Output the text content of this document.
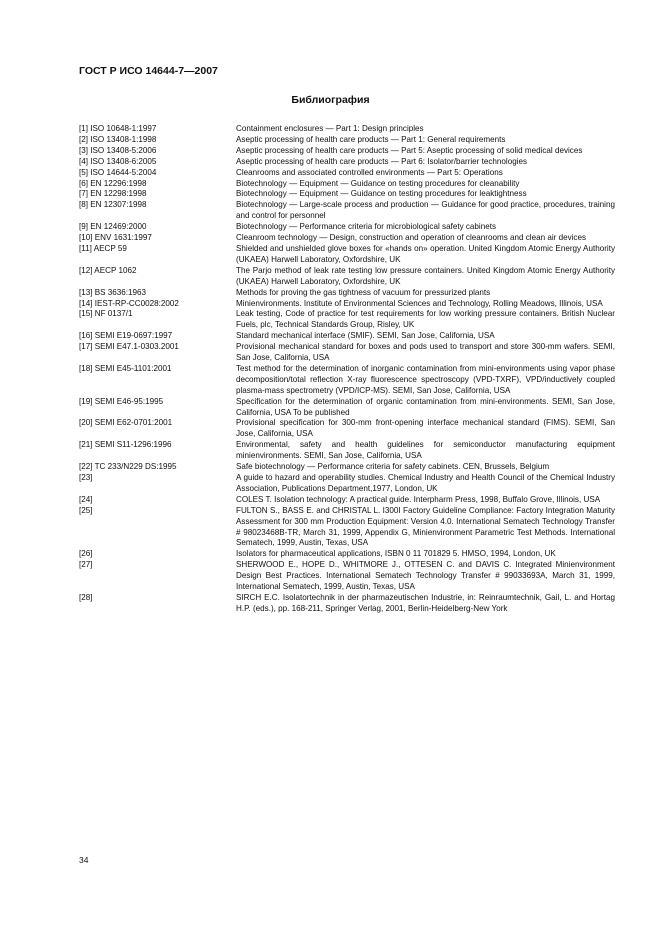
ГОСТ Р ИСО 14644-7—2007
Библиография
[1] ISO 10648-1:1997	Containment enclosures — Part 1: Design principles
[2] ISO 13408-1:1998	Aseptic processing of health care products — Part 1: General requirements
[3] ISO 13408-5:2006	Aseptic processing of health care products — Part 5: Aseptic processing of solid medical devices
[4] ISO 13408-6:2005	Aseptic processing of health care products — Part 6: Isolator/barrier technologies
[5] ISO 14644-5:2004	Cleanrooms and associated controlled environments — Part 5: Operations
[6] EN 12296:1998	Biotechnology — Equipment — Guidance on testing procedures for cleanability
[7] EN 12298:1998	Biotechnology — Equipment — Guidance on testing procedures for leaktightness
[8] EN 12307:1998	Biotechnology — Large-scale process and production — Guidance for good practice, procedures, training and control for personnel
[9] EN 12469:2000	Biotechnology — Performance criteria for microbiological safety cabinets
[10] ENV 1631:1997	Cleanroom technology — Design, construction and operation of cleanrooms and clean air devices
[11] AECP 59	Shielded and unshielded glove boxes for «hands on» operation. United Kingdom Atomic Energy Authority (UKAEA) Harwell Laboratory, Oxfordshire, UK
[12] AECP 1062	The Parjo method of leak rate testing low pressure containers. United Kingdom Atomic Energy Authority (UKAEA) Harwell Laboratory, Oxfordshire, UK
[13] BS 3636:1963	Methods for proving the gas tightness of vacuum for pressurized plants
[14] IEST-RP-CC0028:2002	Minienvironments. Institute of Environmental Sciences and Technology, Rolling Meadows, Illinois, USA
[15] NF 0137/1	Leak testing, Code of practice for test requirements for low working pressure containers. British Nuclear Fuels, plc, Technical Standards Group, Risley, UK
[16] SEMI E19-0697:1997	Standard mechanical interface (SMIF). SEMI, San Jose, California, USA
[17] SEMI E47.1-0303.2001	Provisional mechanical standard for boxes and pods used to transport and store 300-mm wafers. SEMI, San Jose, California, USA
[18] SEMI E45-1101:2001	Test method for the determination of inorganic contamination from mini-environments using vapor phase decomposition/total reflection X-ray fluorescence spectroscopy (VPD-TXRF), VPD/inductively coupled plasma-mass spectrometry (VPD/ICP-MS). SEMI, San Jose, California, USA
[19] SEMI E46-95:1995	Specification for the determination of organic contamination from mini-environments. SEMI, San Jose, California, USA To be published
[20] SEMI E62-0701:2001	Provisional specification for 300-mm front-opening interface mechanical standard (FIMS). SEMI, San Jose, California, USA
[21] SEMI S11-1296:1996	Environmental, safety and health guidelines for semiconductor manufacturing equipment minienvironments. SEMI, San Jose, California, USA
[22] TC 233/N229 DS:1995	Safe biotechnology — Performance criteria for safety cabinets. CEN, Brussels, Belgium
[23]	A guide to hazard and operability studies. Chemical Industry and Health Council of the Chemical Industry Association, Publications Department,1977, London, UK
[24]	COLES T. Isolation technology: A practical guide. Interpharm Press, 1998, Buffalo Grove, Illinois, USA
[25]	FULTON S., BASS E. and CHRISTAL L. I300I Factory Guideline Compliance: Factory Integration Maturity Assessment for 300 mm Production Equipment: Version 4.0. International Sematech Technology Transfer # 98023468B-TR, March 31, 1999, Appendix G, Minienvironment Parametric Test Methods. International Sematech, 1999, Austin, Texas, USA
[26]	Isolators for pharmaceutical applications, ISBN 0 11 701829 5. HMSO, 1994, London, UK
[27]	SHERWOOD E., HOPE D., WHITMORE J., OTTESEN C. and DAVIS C. Integrated Minienvironment Design Best Practices. International Sematech Technology Transfer # 99033693A, March 31, 1999, International Sematech, 1999, Austin, Texas, USA
[28]	SIRCH E.C. Isolatortechnik in der pharmazeutischen Industrie, in: Reinraumtechnik, Gail, L. and Hortag H.P. (eds.), pp. 168-211, Springer Verlag, 2001, Berlin-Heidelberg-New York
34
